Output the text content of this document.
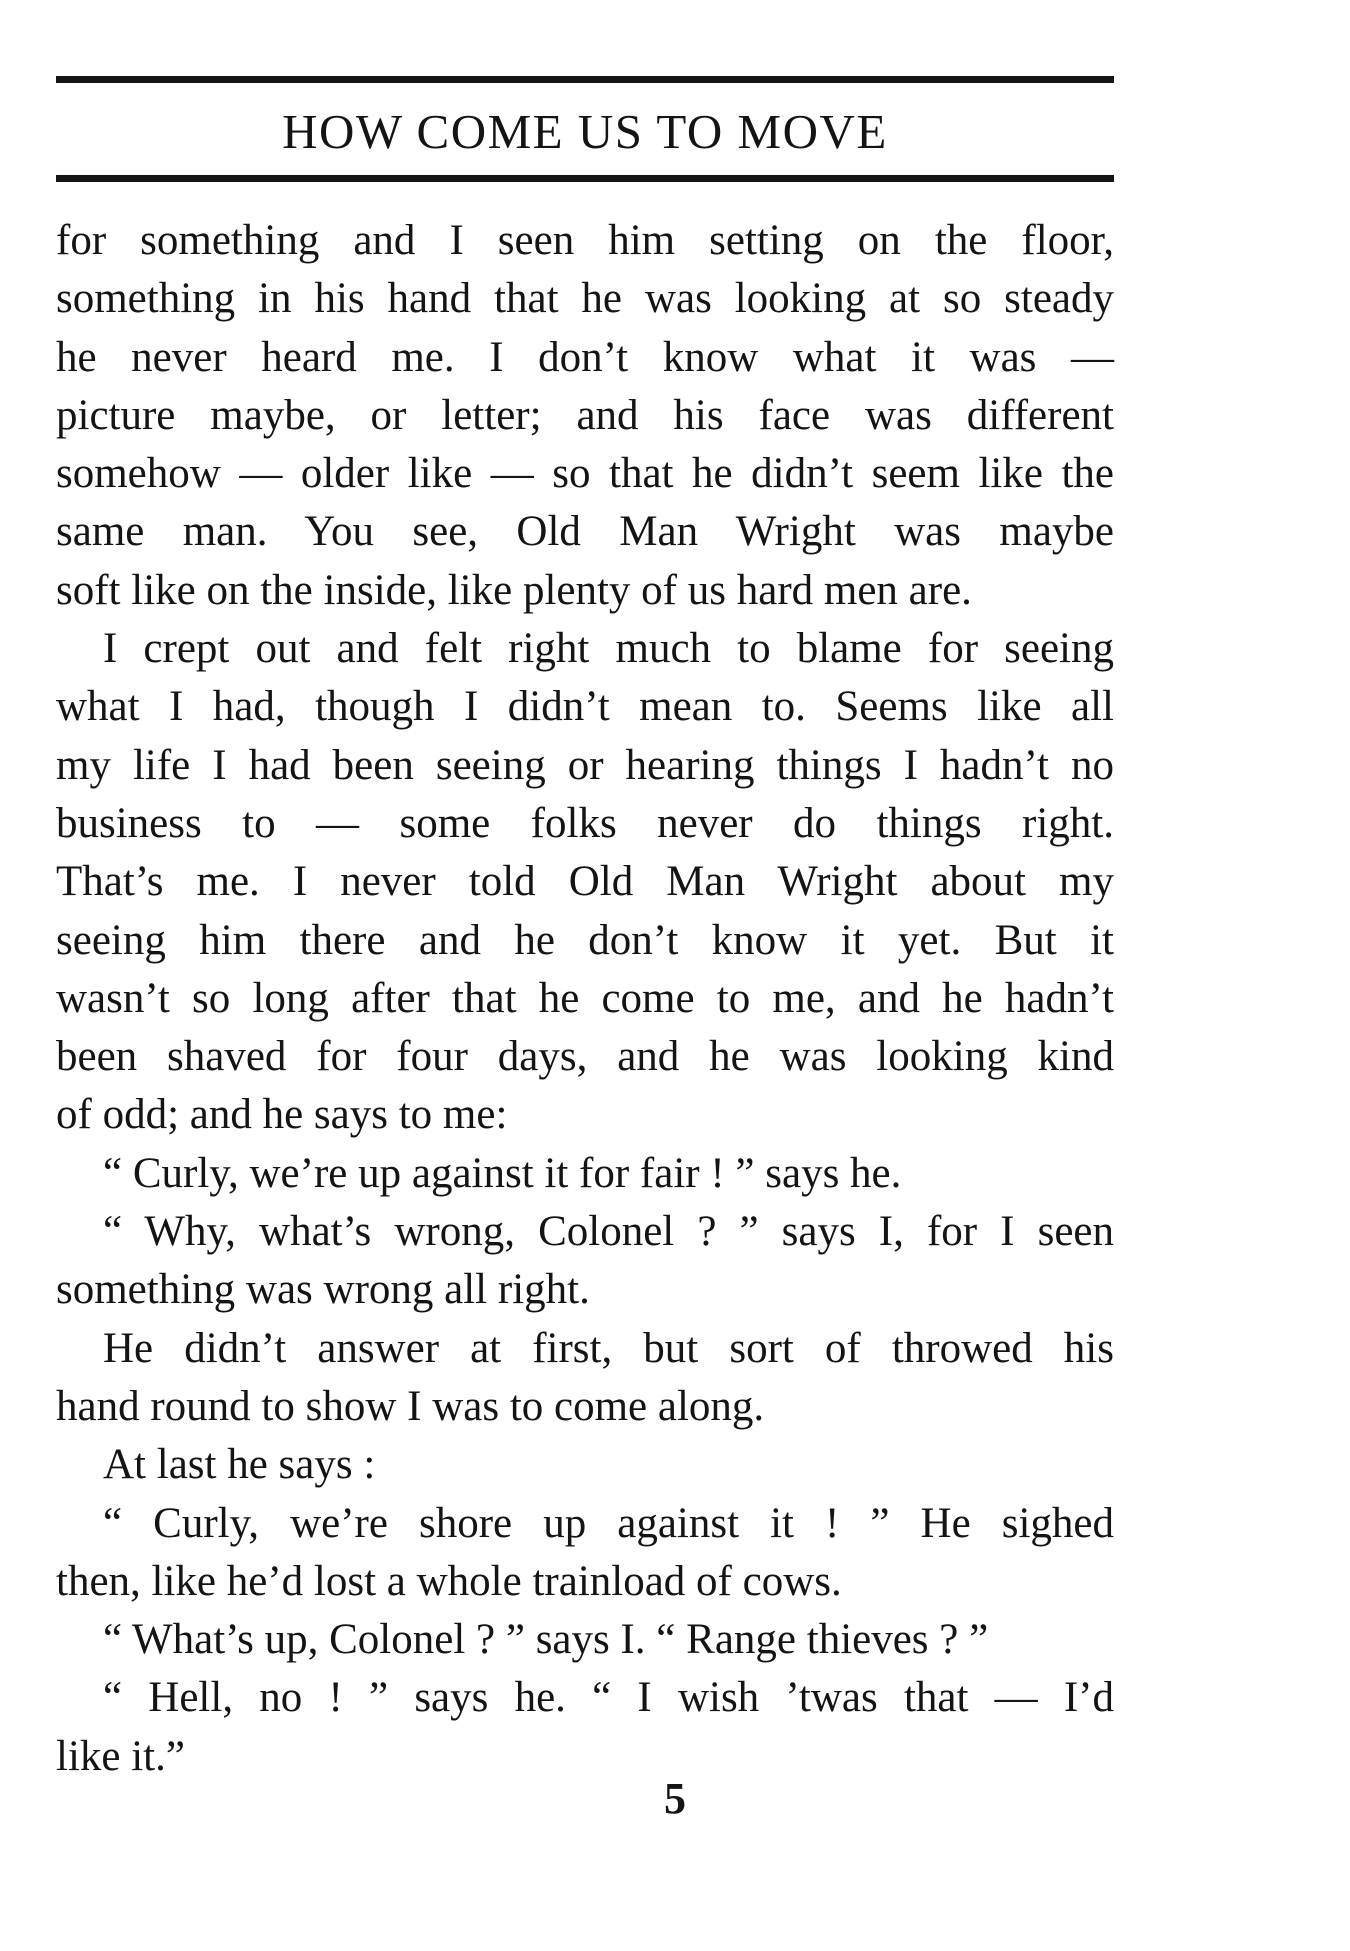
HOW COME US TO MOVE
for something and I seen him setting on the floor,
something in his hand that he was looking at so steady
he never heard me. I don’t know what it was —
picture maybe, or letter; and his face was different
somehow — older like — so that he didn’t seem like the
same man. You see, Old Man Wright was maybe
soft like on the inside, like plenty of us hard men are.
I crept out and felt right much to blame for seeing
what I had, though I didn’t mean to. Seems like all
my life I had been seeing or hearing things I hadn’t no
business to — some folks never do things right.
That’s me. I never told Old Man Wright about my
seeing him there and he don’t know it yet. But it
wasn’t so long after that he come to me, and he hadn’t
been shaved for four days, and he was looking kind
of odd; and he says to me:
“ Curly, we’re up against it for fair ! ” says he.
“ Why, what’s wrong, Colonel ? ” says I, for I seen
something was wrong all right.
He didn’t answer at first, but sort of throwed his
hand round to show I was to come along.
At last he says :
“ Curly, we’re shore up against it ! ” He sighed
then, like he’d lost a whole trainload of cows.
“ What’s up, Colonel ? ” says I. “ Range thieves ? ”
“ Hell, no ! ” says he. “ I wish ’twas that — I’d
like it.”
5
